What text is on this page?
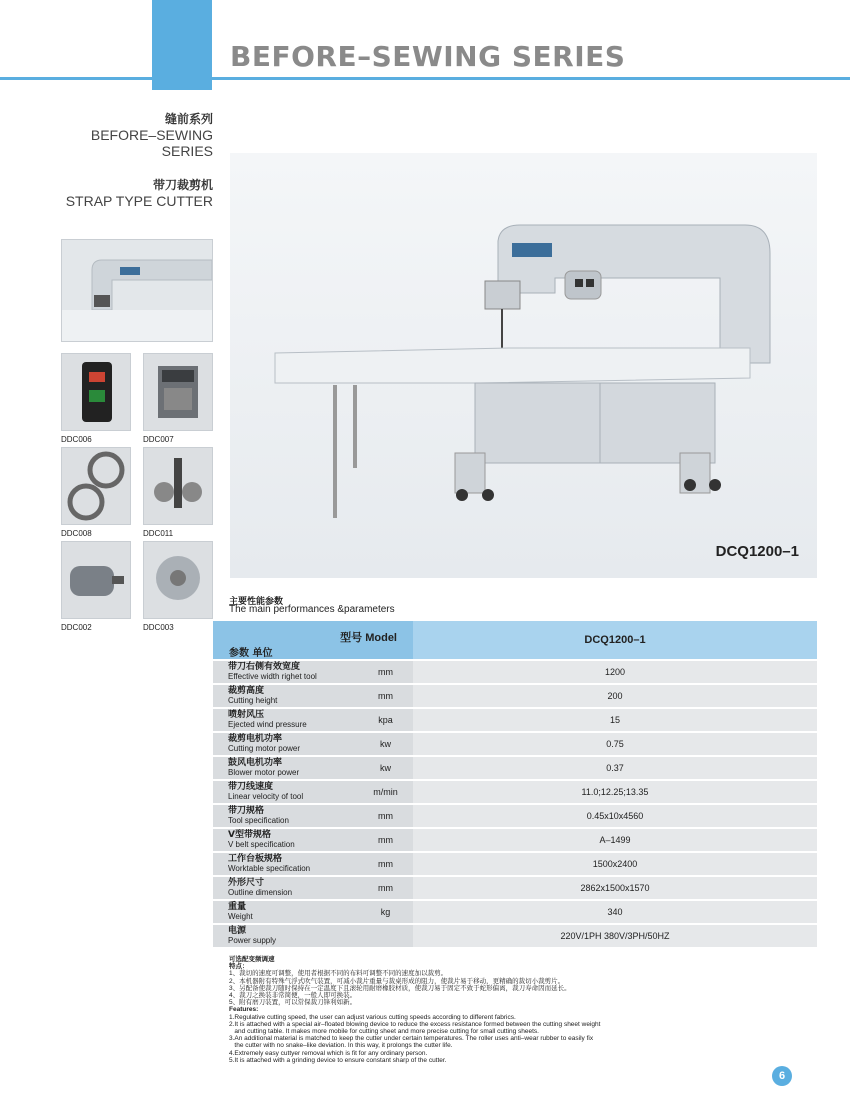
BEFORE–SEWING SERIES
缝前系列
BEFORE–SEWING
SERIES
带刀裁剪机
STRAP TYPE CUTTER
DDC006	DDC007
DDC008	DDC011
DDC002	DDC003
DCQ1200–1
主要性能参数
The main performances &parameters
型号 Model
参数 单位		DCQ1200–1

带刀右侧有效宽度
Effective width righet tool	mm	1200

裁剪高度
Cutting height	mm	200

喷射风压
Ejected wind pressure	kpa	15

裁剪电机功率
Cutting motor power	kw	0.75

鼓风电机功率
Blower motor power	kw	0.37

带刀线速度
Linear velocity of tool	m/min	11.0;12.25;13.35

带刀规格
Tool specification	mm	0.45x10x4560

V型带规格
V belt specification	mm	A–1499

工作台板规格
Worktable specification	mm	1500x2400

外形尺寸
Outline dimension	mm	2862x1500x1570

重量
Weight	kg	340

电源
Power supply		220V/1PH 380V/3PH/50HZ
可选配变频调速
特点：
1、裁切的速度可调整，使用者根据不同的布料可调整不同的速度加以裁剪。
2、本机器附有特殊气浮式吹气装置，可减小裁片重量与裁桌形成的阻力，使裁片易于移动，更精确的裁切小裁剪片。
3、另配备使裁刀随时保持在一定温度下且滚轮用耐磨橡胶材质，使裁刀易于固定不致于蛇形偏离，裁刀寿命因而延长。
4、裁刀之换装非常简便，一般人即可换装。
5、附有磨刀装置，可以常保裁刀锋利如新。
Features:
1.Regulative cutting speed, the user can adjust various cutting speeds according to different fabrics.
2.It is attached with a special air–floated blowing device to reduce the excess resistance formed between the cutting sheet weight
and cutting table. It makes more mobile for cutting sheet and more precise cutting for small cutting sheets.
3.An additional material is matched to keep the cutter under certain temperatures. The roller uses anti–wear rubber to easily fix
the cutter with no snake–like deviation. In this way, it prolongs the cutter life.
4.Extremely easy cuttyer removal which is fit for any ordinary person.
5.It is attached with a grinding device to ensure constant sharp of the cutter.
6
